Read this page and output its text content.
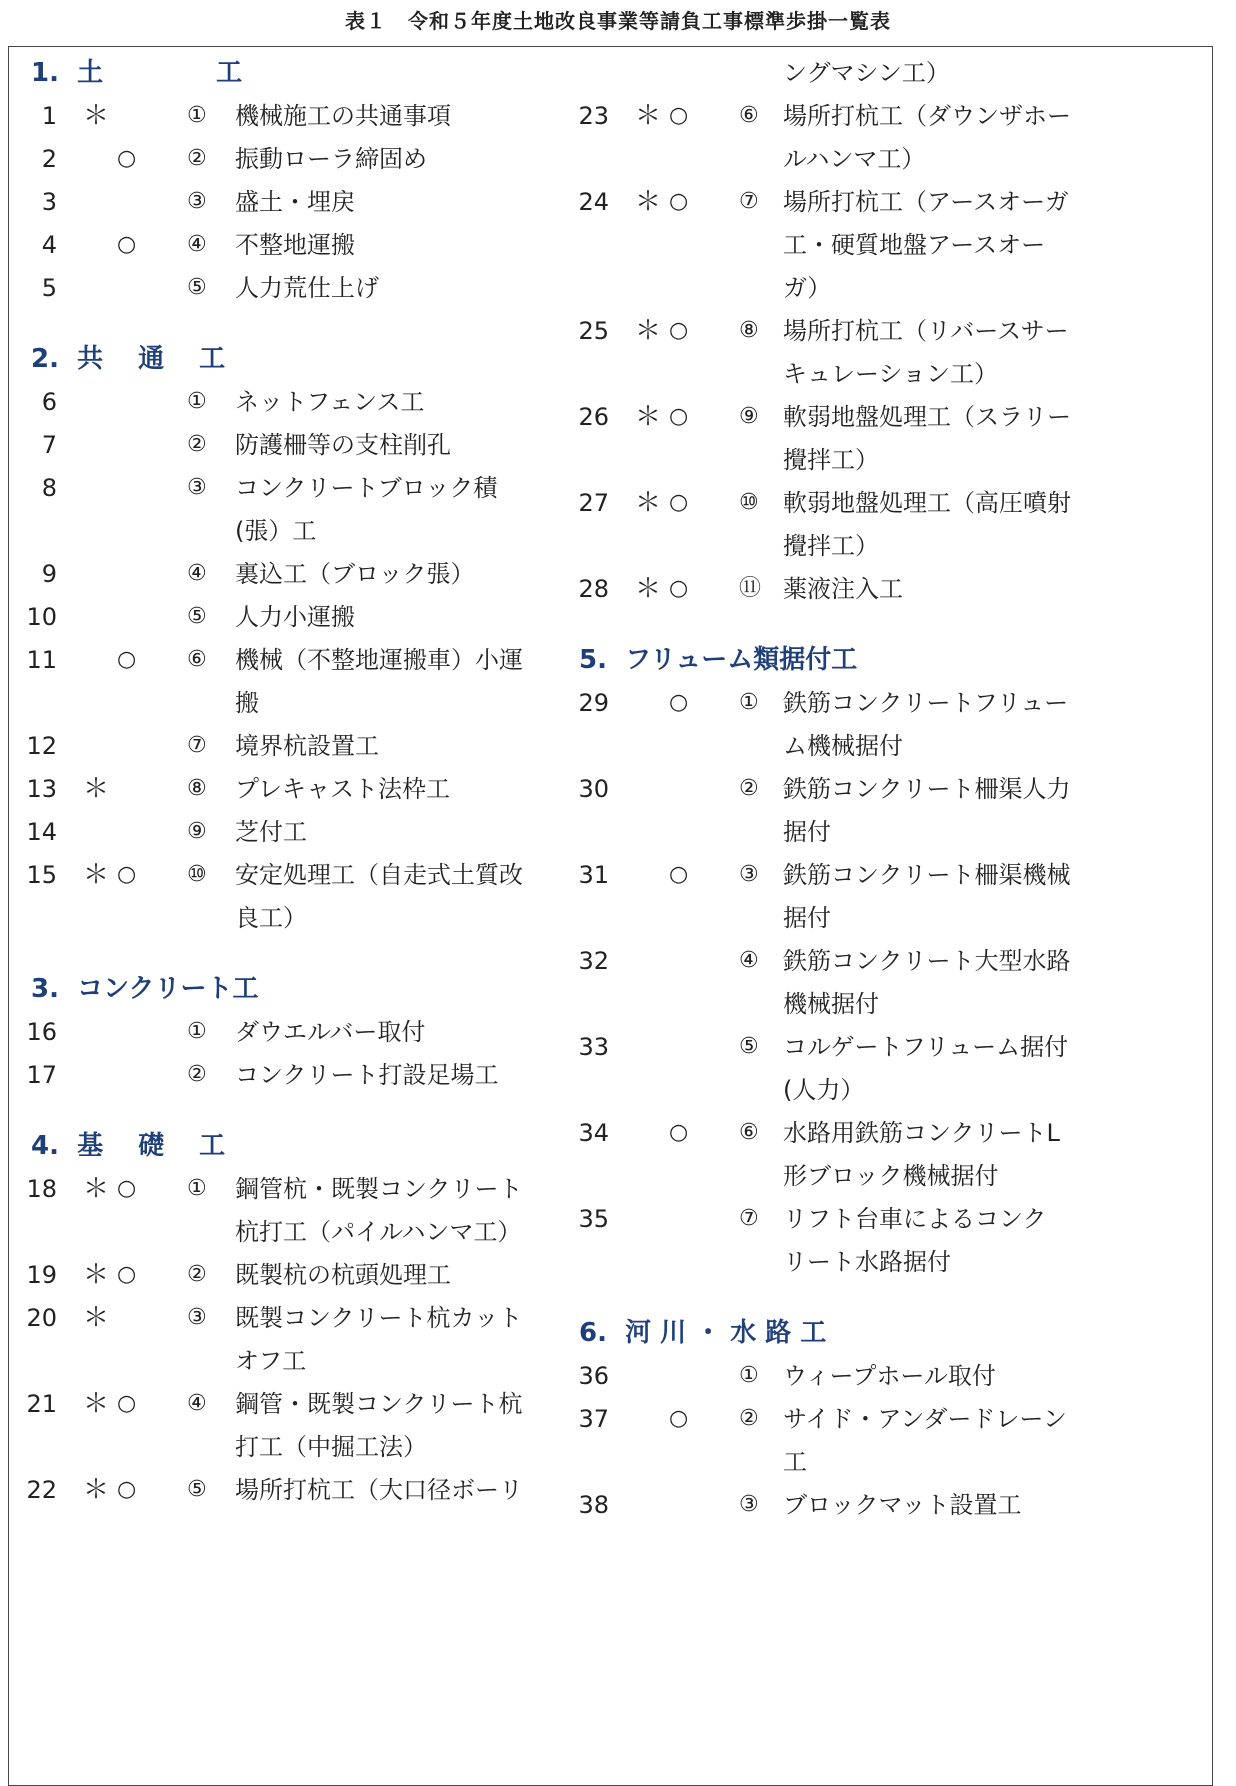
表１　令和５年度土地改良事業等請負工事標準歩掛一覧表
1.  土　　　　 工
1 ＊	① 機械施工の共通事項
2	○ ② 振動ローラ締固め
3	③ 盛土・埋戻
4	○ ④ 不整地運搬
5	⑤ 人力荒仕上げ
2.  共　 通　 工
6	① ネットフェンス工
7	② 防護柵等の支柱削孔
8	③ コンクリートブロック積
(張）工
9	④ 裏込工（ブロック張）
10	⑤ 人力小運搬
11	○ ⑥ 機械（不整地運搬車）小運
搬
12	⑦ 境界杭設置工
13 ＊	⑧ プレキャスト法枠工
14	⑨ 芝付工
15 ＊ ○ ⑩ 安定処理工（自走式土質改
良工）
3.  コンクリート工
16	① ダウエルバー取付
17	② コンクリート打設足場工
4.  基　 礎　 工
18 ＊ ○ ① 鋼管杭・既製コンクリート
杭打工（パイルハンマ工）
19 ＊ ○ ② 既製杭の杭頭処理工
20 ＊	③ 既製コンクリート杭カット
オフ工
21 ＊ ○ ④ 鋼管・既製コンクリート杭
打工（中掘工法）
22 ＊ ○ ⑤ 場所打杭工（大口径ボーリ
ングマシン工）
23 ＊ ○ ⑥ 場所打杭工（ダウンザホー
ルハンマ工）
24 ＊ ○ ⑦ 場所打杭工（アースオーガ
工・硬質地盤アースオー
ガ）
25 ＊ ○ ⑧ 場所打杭工（リバースサー
キュレーション工）
26 ＊ ○ ⑨ 軟弱地盤処理工（スラリー
攪拌工）
27 ＊ ○ ⑩ 軟弱地盤処理工（高圧噴射
攪拌工）
28 ＊ ○ ⑪ 薬液注入工
5.  フリューム類据付工
29	○ ① 鉄筋コンクリートフリュー
ム機械据付
30	② 鉄筋コンクリート柵渠人力
据付
31	○ ③ 鉄筋コンクリート柵渠機械
据付
32	④ 鉄筋コンクリート大型水路
機械据付
33	⑤ コルゲートフリューム据付
(人力）
34	○ ⑥ 水路用鉄筋コンクリートL
形ブロック機械据付
35	⑦ リフト台車によるコンク
リート水路据付
6.  河 川 ・ 水 路 工
36	① ウィープホール取付
37	○ ② サイド・アンダードレーン
工
38	③ ブロックマット設置工
